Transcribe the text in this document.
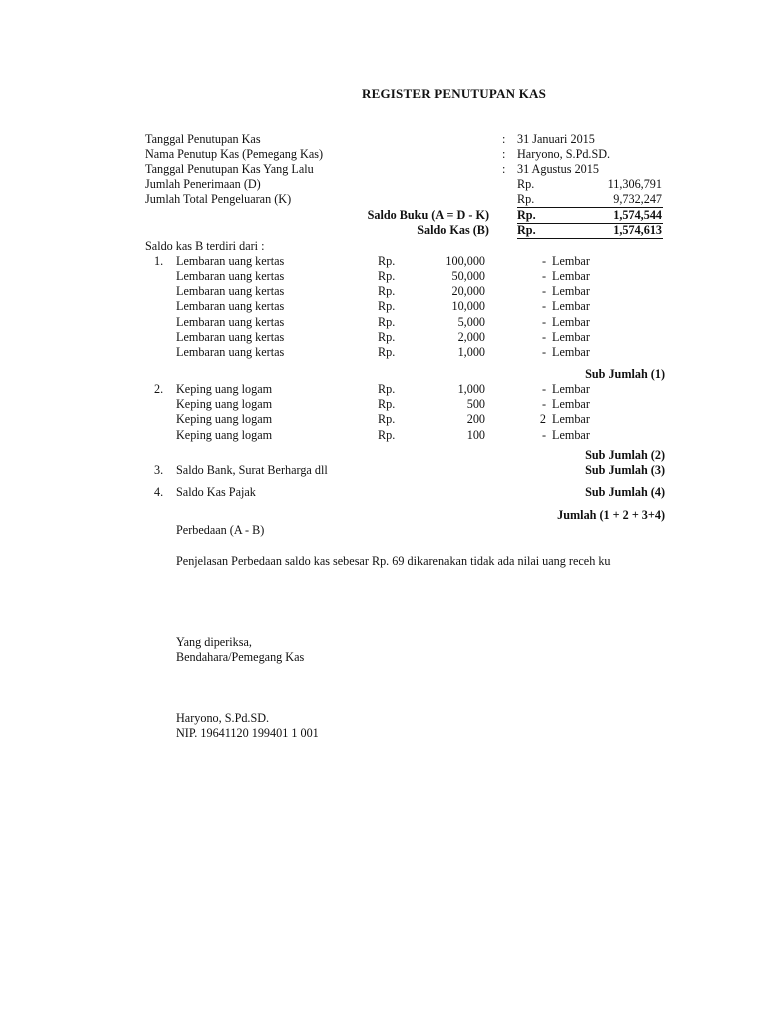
REGISTER PENUTUPAN KAS
Tanggal Penutupan Kas	: 31 Januari 2015
Nama Penutup Kas (Pemegang Kas)	: Haryono, S.Pd.SD.
Tanggal Penutupan Kas Yang Lalu	: 31 Agustus 2015
Jumlah Penerimaan (D)	Rp.	11,306,791
Jumlah Total Pengeluaran (K)	Rp.	9,732,247
Saldo Buku (A = D - K) Rp.	1,574,544
Saldo Kas (B) Rp.	1,574,613
Saldo kas B terdiri dari :
1. Lembaran uang kertas	Rp.	100,000	- Lembar
Lembaran uang kertas	Rp.	50,000	- Lembar
Lembaran uang kertas	Rp.	20,000	- Lembar
Lembaran uang kertas	Rp.	10,000	- Lembar
Lembaran uang kertas	Rp.	5,000	- Lembar
Lembaran uang kertas	Rp.	2,000	- Lembar
Lembaran uang kertas	Rp.	1,000	- Lembar
Sub Jumlah (1)
2. Keping uang logam	Rp.	1,000	- Lembar
Keping uang logam	Rp.	500	- Lembar
Keping uang logam	Rp.	200	2 Lembar
Keping uang logam	Rp.	100	- Lembar
Sub Jumlah (2)
3. Saldo Bank, Surat Berharga dll	Sub Jumlah (3)
4. Saldo Kas Pajak	Sub Jumlah (4)
Jumlah (1 + 2 + 3+4)
Perbedaan (A - B)
Penjelasan Perbedaan saldo kas sebesar Rp. 69 dikarenakan tidak ada nilai uang receh ku
Yang diperiksa,
Bendahara/Pemegang Kas
Haryono, S.Pd.SD.
NIP. 19641120 199401 1 001
